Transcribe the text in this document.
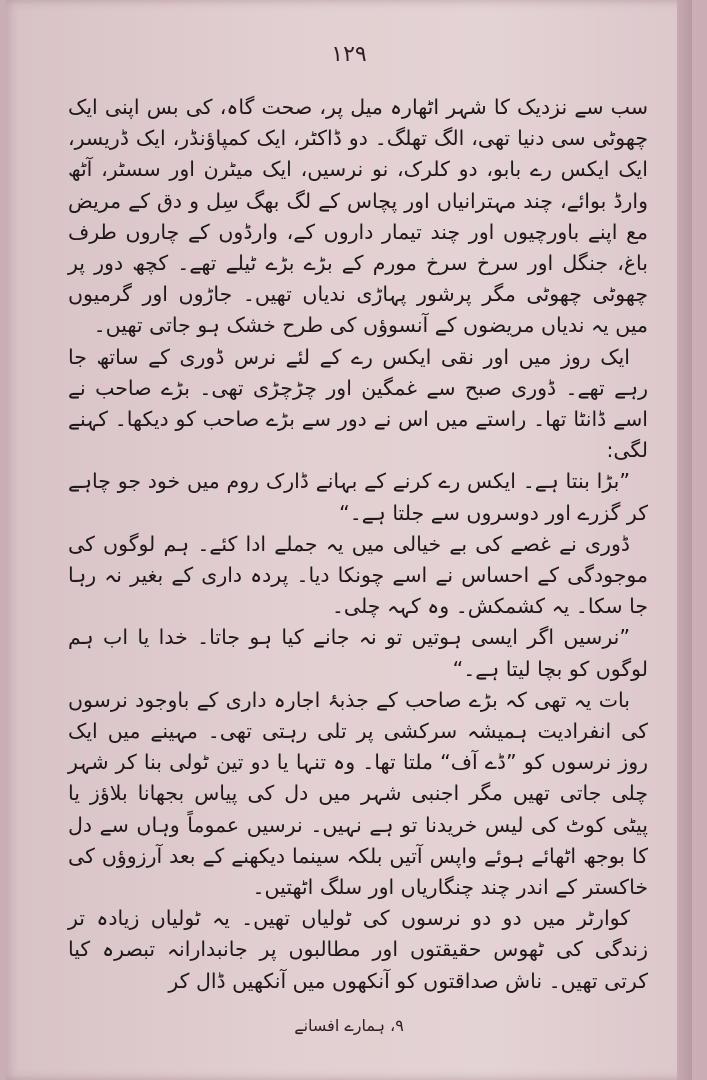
۱۲۹

سب سے نزدیک کا شہر اٹھارہ میل پر، صحت گاہ، کی بس اپنی ایک چھوٹی سی دنیا تھی، الگ تھلگ۔ دو ڈاکٹر، ایک کمپاؤنڈر، ایک ڈریسر، ایک ایکس رے بابو، دو کلرک، نو نرسیں، ایک میٹرن اور سسٹر، آٹھ وارڈ بوائے، چند مہترانیاں اور پچاس کے لگ بھگ سِل و دق کے مریض مع اپنے باورچیوں اور چند تیمار داروں کے، وارڈوں کے چاروں طرف باغ، جنگل اور سرخ سرخ مورم کے بڑے بڑے ٹیلے تھے۔ کچھ دور پر چھوٹی چھوٹی مگر پرشور پہاڑی ندیاں تھیں۔ جاڑوں اور گرمیوں میں یہ ندیاں مریضوں کے آنسوؤں کی طرح خشک ہو جاتی تھیں۔

ایک روز میں اور نقی ایکس رے کے لئے نرس ڈوری کے ساتھ جا رہے تھے۔ ڈوری صبح سے غمگین اور چڑچڑی تھی۔ بڑے صاحب نے اسے ڈانٹا تھا۔ راستے میں اس نے دور سے بڑے صاحب کو دیکھا۔ کہنے لگی:

”بڑا بنتا ہے۔ ایکس رے کرنے کے بہانے ڈارک روم میں خود جو چاہے کر گزرے اور دوسروں سے جلتا ہے۔“

ڈوری نے غصے کی بے خیالی میں یہ جملے ادا کئے۔ ہم لوگوں کی موجودگی کے احساس نے اسے چونکا دیا۔ پردہ داری کے بغیر نہ رہا جا سکا۔ یہ کشمکش۔ وہ کہہ چلی۔

”نرسیں اگر ایسی ہوتیں تو نہ جانے کیا ہو جاتا۔ خدا یا اب ہم لوگوں کو بچا لیتا ہے۔“

بات یہ تھی کہ بڑے صاحب کے جذبۂ اجارہ داری کے باوجود نرسوں کی انفرادیت ہمیشہ سرکشی پر تلی رہتی تھی۔ مہینے میں ایک روز نرسوں کو ”ڈے آف“ ملتا تھا۔ وہ تنہا یا دو تین ٹولی بنا کر شہر چلی جاتی تھیں مگر اجنبی شہر میں دل کی پیاس بجھانا بلاؤز یا پیٹی کوٹ کی لیس خریدنا تو ہے نہیں۔ نرسیں عموماً وہاں سے دل کا بوجھ اٹھائے ہوئے واپس آتیں بلکہ سینما دیکھنے کے بعد آرزوؤں کی خاکستر کے اندر چند چنگاریاں اور سلگ اٹھتیں۔

کوارٹر میں دو دو نرسوں کی ٹولیاں تھیں۔ یہ ٹولیاں زیادہ تر زندگی کی ٹھوس حقیقتوں اور مطالبوں پر جانبدارانہ تبصرہ کیا کرتی تھیں۔ ناش صداقتوں کو آنکھوں میں آنکھیں ڈال کر

۹، ہمارے افسانے
